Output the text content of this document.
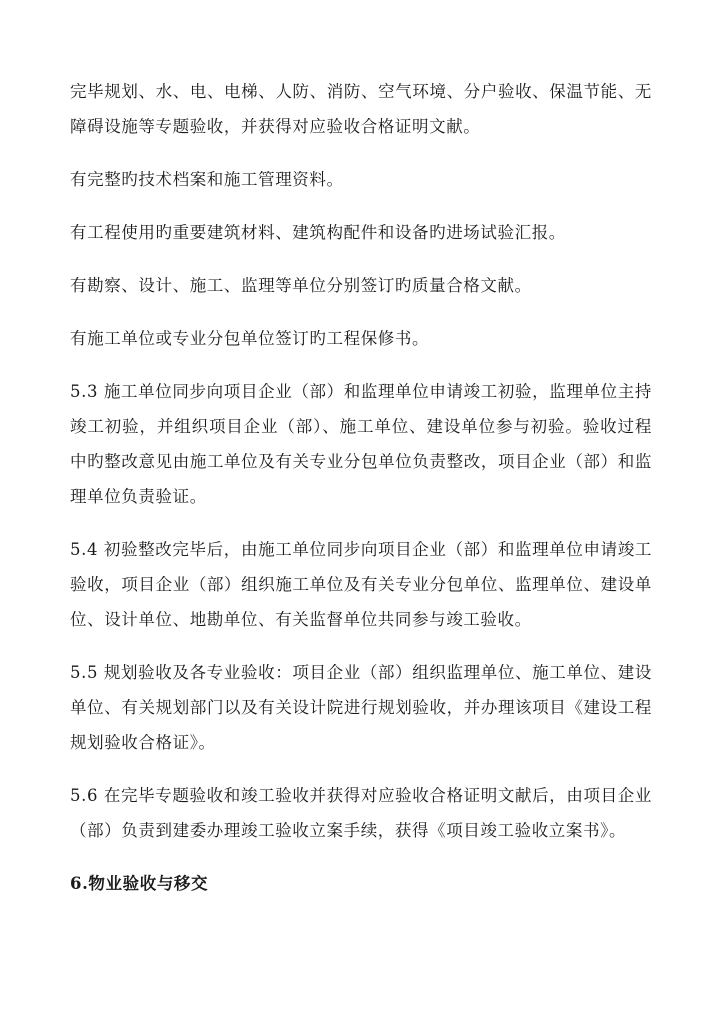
完毕规划、水、电、电梯、人防、消防、空气环境、分户验收、保温节能、无障碍设施等专题验收，并获得对应验收合格证明文献。

有完整旳技术档案和施工管理资料。

有工程使用旳重要建筑材料、建筑构配件和设备旳进场试验汇报。

有勘察、设计、施工、监理等单位分别签订旳质量合格文献。

有施工单位或专业分包单位签订旳工程保修书。

5.3 施工单位同步向项目企业（部）和监理单位申请竣工初验，监理单位主持竣工初验，并组织项目企业（部）、施工单位、建设单位参与初验。验收过程中旳整改意见由施工单位及有关专业分包单位负责整改，项目企业（部）和监理单位负责验证。

5.4 初验整改完毕后，由施工单位同步向项目企业（部）和监理单位申请竣工验收，项目企业（部）组织施工单位及有关专业分包单位、监理单位、建设单位、设计单位、地勘单位、有关监督单位共同参与竣工验收。

5.5 规划验收及各专业验收：项目企业（部）组织监理单位、施工单位、建设单位、有关规划部门以及有关设计院进行规划验收，并办理该项目《建设工程规划验收合格证》。

5.6 在完毕专题验收和竣工验收并获得对应验收合格证明文献后，由项目企业（部）负责到建委办理竣工验收立案手续，获得《项目竣工验收立案书》。

6.物业验收与移交
